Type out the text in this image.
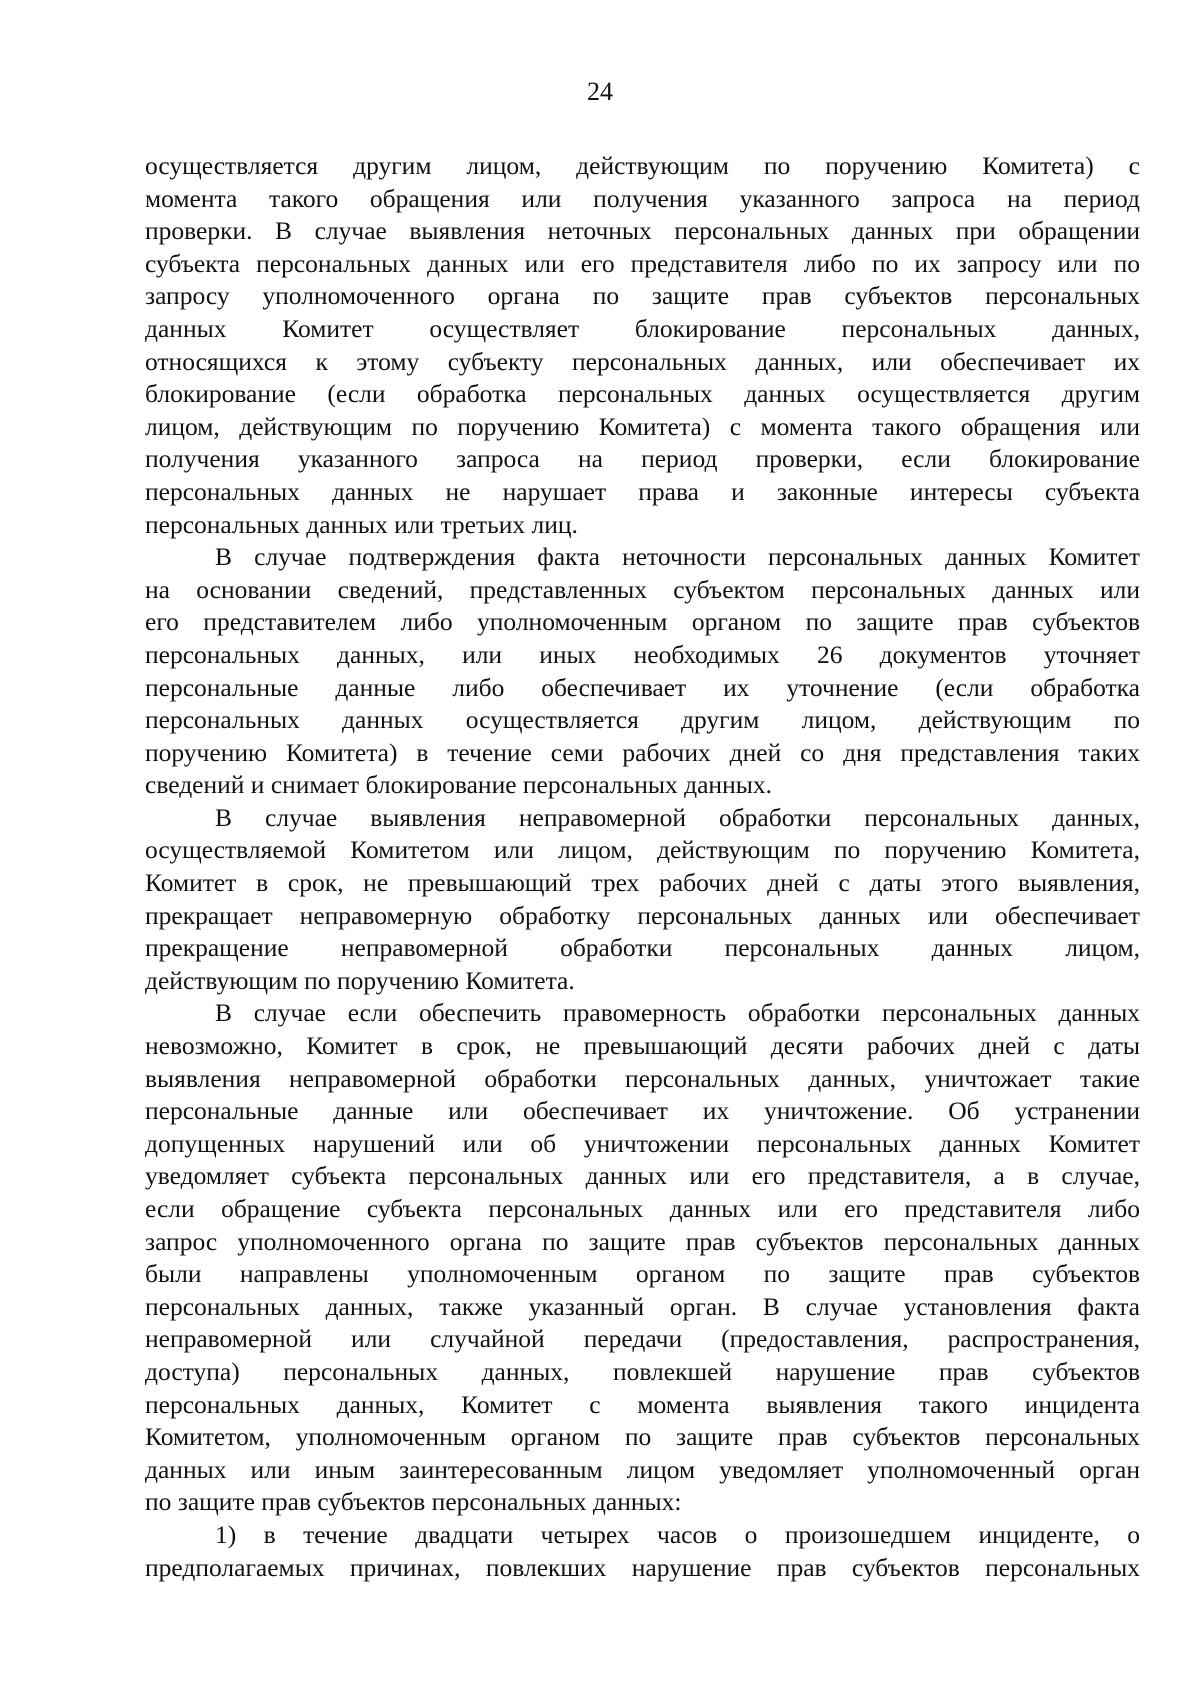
24
осуществляется другим лицом, действующим по поручению Комитета) с
момента такого обращения или получения указанного запроса на период
проверки. В случае выявления неточных персональных данных при обращении
субъекта персональных данных или его представителя либо по их запросу или по
запросу уполномоченного органа по защите прав субъектов персональных
данных Комитет осуществляет блокирование персональных данных,
относящихся к этому субъекту персональных данных, или обеспечивает их
блокирование (если обработка персональных данных осуществляется другим
лицом, действующим по поручению Комитета) с момента такого обращения или
получения указанного запроса на период проверки, если блокирование
персональных данных не нарушает права и законные интересы субъекта
персональных данных или третьих лиц.
В случае подтверждения факта неточности персональных данных Комитет
на основании сведений, представленных субъектом персональных данных или
его представителем либо уполномоченным органом по защите прав субъектов
персональных данных, или иных необходимых 26 документов уточняет
персональные данные либо обеспечивает их уточнение (если обработка
персональных данных осуществляется другим лицом, действующим по
поручению Комитета) в течение семи рабочих дней со дня представления таких
сведений и снимает блокирование персональных данных.
В случае выявления неправомерной обработки персональных данных,
осуществляемой Комитетом или лицом, действующим по поручению Комитета,
Комитет в срок, не превышающий трех рабочих дней с даты этого выявления,
прекращает неправомерную обработку персональных данных или обеспечивает
прекращение неправомерной обработки персональных данных лицом,
действующим по поручению Комитета.
В случае если обеспечить правомерность обработки персональных данных
невозможно, Комитет в срок, не превышающий десяти рабочих дней с даты
выявления неправомерной обработки персональных данных, уничтожает такие
персональные данные или обеспечивает их уничтожение. Об устранении
допущенных нарушений или об уничтожении персональных данных Комитет
уведомляет субъекта персональных данных или его представителя, а в случае,
если обращение субъекта персональных данных или его представителя либо
запрос уполномоченного органа по защите прав субъектов персональных данных
были направлены уполномоченным органом по защите прав субъектов
персональных данных, также указанный орган. В случае установления факта
неправомерной или случайной передачи (предоставления, распространения,
доступа) персональных данных, повлекшей нарушение прав субъектов
персональных данных, Комитет с момента выявления такого инцидента
Комитетом, уполномоченным органом по защите прав субъектов персональных
данных или иным заинтересованным лицом уведомляет уполномоченный орган
по защите прав субъектов персональных данных:
1) в течение двадцати четырех часов о произошедшем инциденте, о
предполагаемых причинах, повлекших нарушение прав субъектов персональных
